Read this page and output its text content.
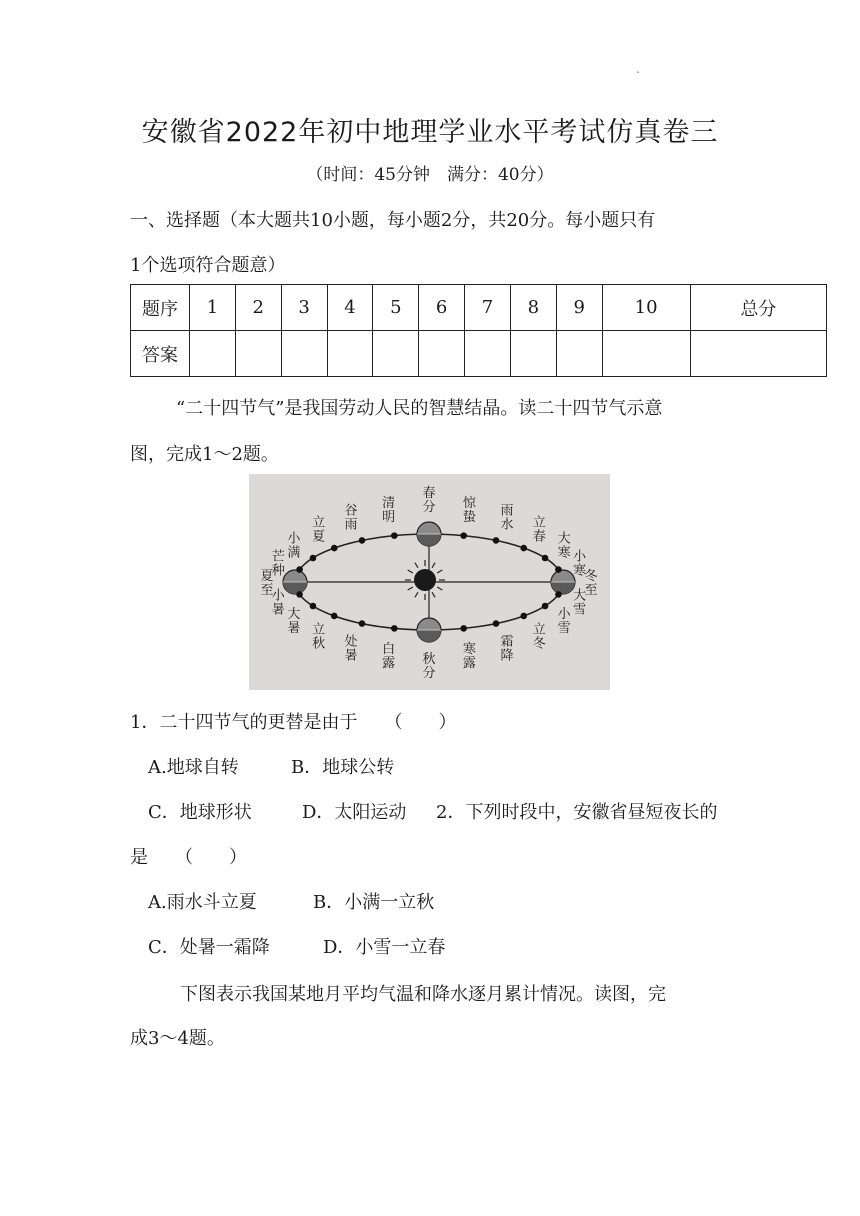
.
安徽省2022年初中地理学业水平考试仿真卷三
（时间：45分钟　满分：40分）
一、选择题（本大题共10小题，每小题2分，共20分。每小题只有
1个选项符合题意）
题序	1	2	3	4	5	6	7	8	9	10	总分
答案											
“二十四节气”是我国劳动人民的智慧结晶。读二十四节气示意
图，完成1～2题。
春分 惊蛰 雨水 立春 大寒 小寒
冬至
大雪
小雪
立冬
霜降
寒露
秋分
白露
处暑
立秋
大暑
小暑
夏至
芒种
小满
立夏
谷雨
清明
1．二十四节气的更替是由于　　（　　）
A.地球自转	B．地球公转
C．地球形状	D．太阳运动 2．下列时段中，安徽省昼短夜长的
是　　（　　）
A.雨水斗立夏	B．小满一立秋
C．处暑一霜降	D．小雪一立春
下图表示我国某地月平均气温和降水逐月累计情况。读图，完
成3～4题。
